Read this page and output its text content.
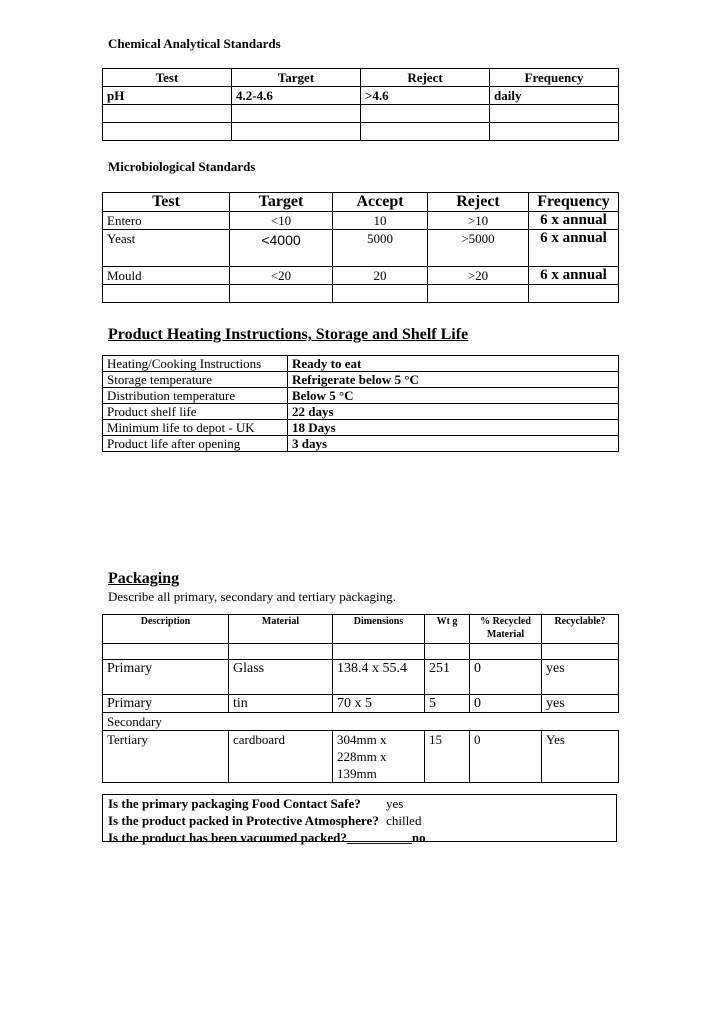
Chemical Analytical Standards
Test	Target	Reject	Frequency
pH	4.2-4.6	>4.6	daily

Microbiological Standards
Test	Target	Accept	Reject	Frequency
Entero	<10	10	>10	6 x annual
Yeast	<4000	5000	>5000	6 x annual
Mould	<20	20	>20	6 x annual

Product Heating Instructions, Storage and Shelf Life
Heating/Cooking Instructions	Ready to eat
Storage temperature	Refrigerate below 5 °C
Distribution temperature	Below 5 °C
Product shelf life	22 days
Minimum life to depot - UK	18 Days
Product life after opening	3 days
Packaging
Describe all primary, secondary and tertiary packaging.
Description	Material	Dimensions	Wt g	% Recycled Material	Recyclable?

Primary	Glass	138.4 x 55.4	251	0	yes
Primary	tin	70 x 5	5	0	yes
Secondary					
Tertiary	cardboard	304mm x 228mm x 139mm	15	0	Yes
Is the primary packaging Food Contact Safe? yes
Is the product packed in Protective Atmosphere? chilled
Is the product has been vacuumed packed?__________no
